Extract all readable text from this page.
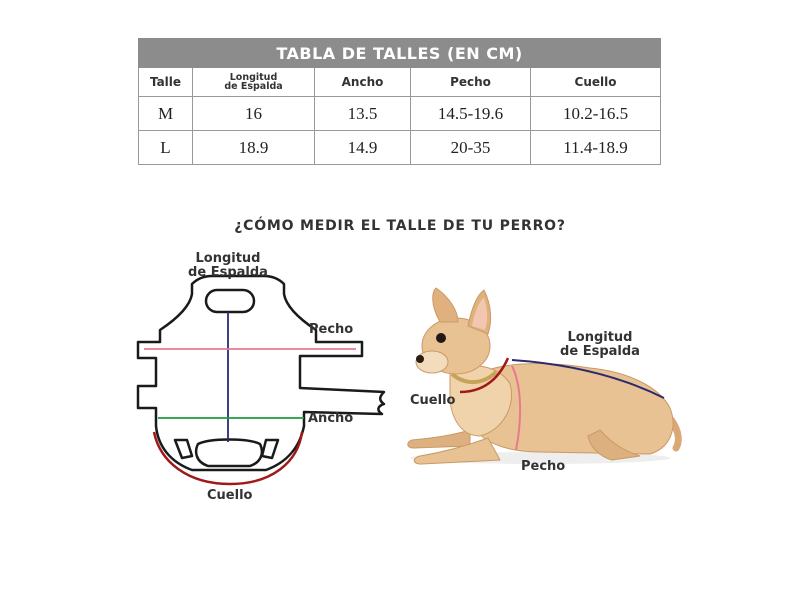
TABLA DE TALLES (EN CM)				
Talle	Longitud
de Espalda	Ancho	Pecho	Cuello
M	16	13.5	14.5-19.6	10.2-16.5
L	18.9	14.9	20-35	11.4-18.9
¿CÓMO MEDIR EL TALLE DE TU PERRO?
Longitud
de Espalda
Pecho
Ancho
Cuello
Longitud
de Espalda
Cuello
Pecho
